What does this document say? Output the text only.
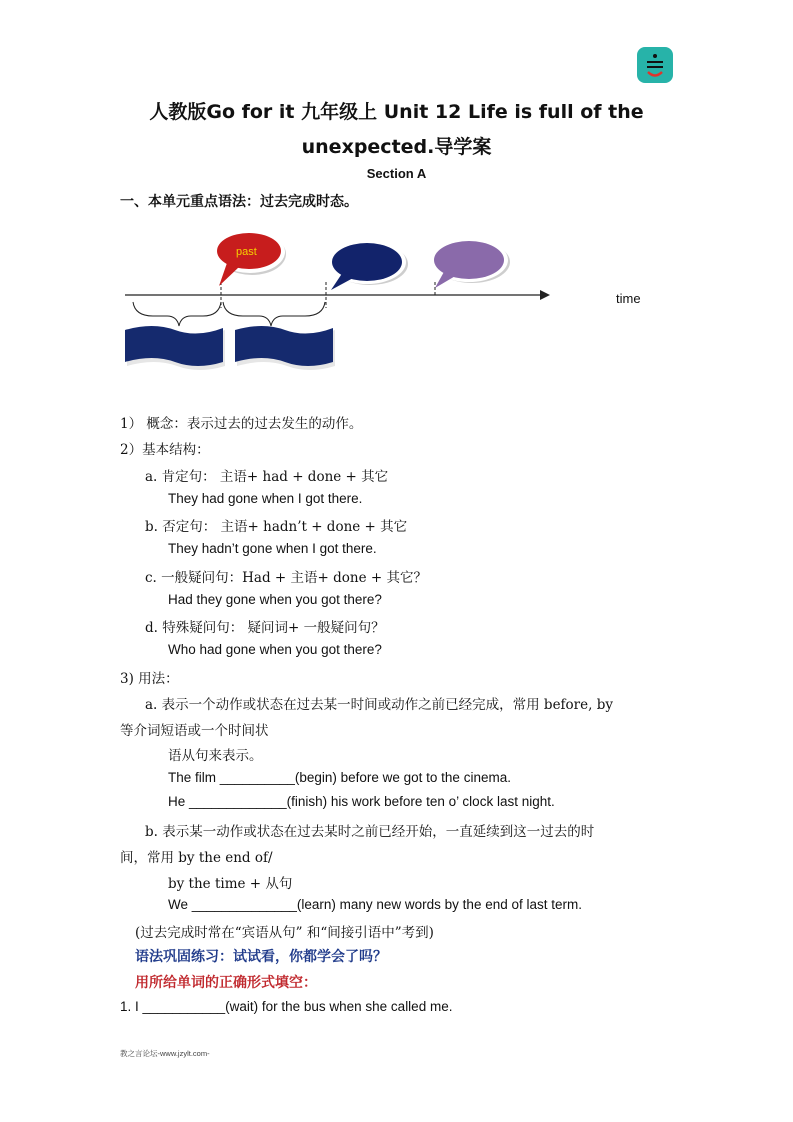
人教版Go for it 九年级上 Unit 12 Life is full of the
unexpected.导学案
Section A
一、本单元重点语法：过去完成时态。
past
time
1） 概念：表示过去的过去发生的动作。
2）基本结构：
a. 肯定句： 主语+ had + done + 其它
They had gone when I got there.
b. 否定句： 主语+ hadn’t + done + 其它
They hadn’t gone when I got there.
c. 一般疑问句：Had + 主语+ done + 其它？
Had they gone when you got there?
d. 特殊疑问句： 疑问词+ 一般疑问句？
Who had gone when you got there?
3) 用法：
a. 表示一个动作或状态在过去某一时间或动作之前已经完成，常用 before, by
等介词短语或一个时间状
语从句来表示。
The film __________(begin) before we got to the cinema.
He _____________(finish) his work before ten o’ clock last night.
b. 表示某一动作或状态在过去某时之前已经开始，一直延续到这一过去的时
间，常用 by the end of/
by the time + 从句
We ______________(learn) many new words by the end of last term.
(过去完成时常在“宾语从句” 和“间接引语中”考到)
语法巩固练习：试试看，你都学会了吗？
用所给单词的正确形式填空：
1. I ___________(wait) for the bus when she called me.
教之言论坛-www.jzylt.com-
